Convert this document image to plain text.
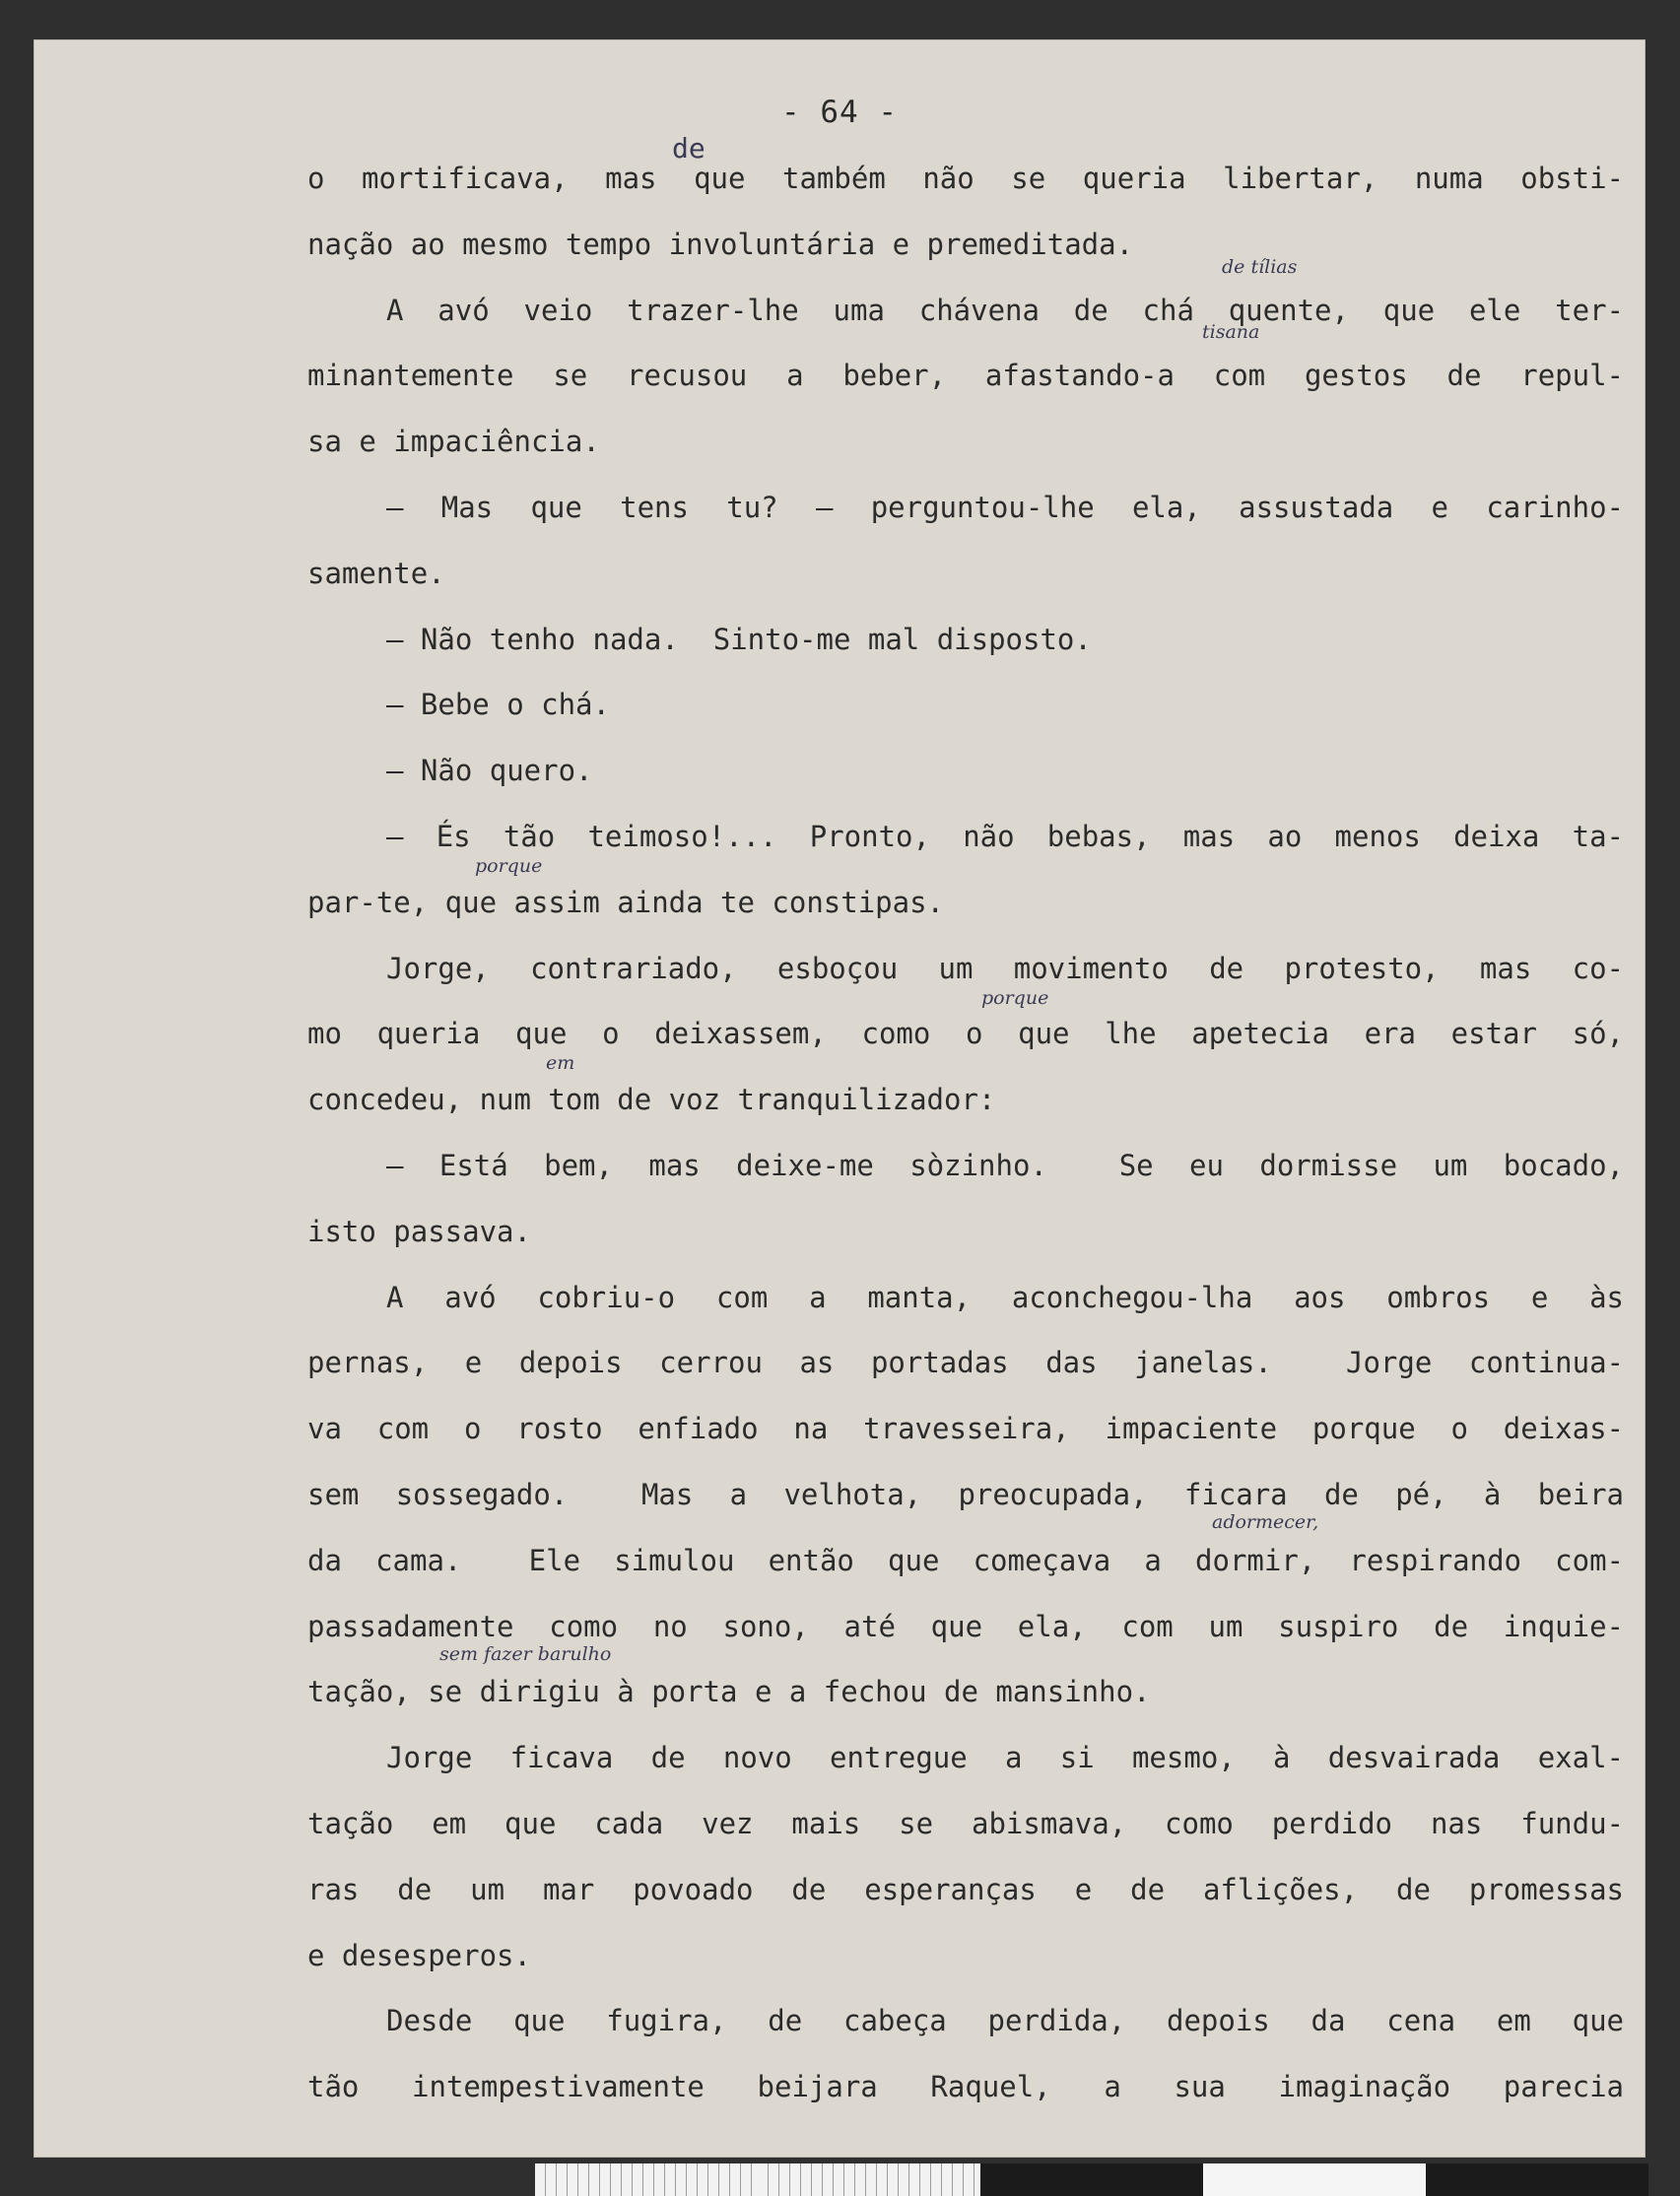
- 64 -
de
de tílias
tisana
porque
porque
em
adormecer,
sem fazer barulho
o mortificava, mas que também não se queria libertar, numa obsti-
nação ao mesmo tempo involuntária e premeditada.
A avó veio trazer-lhe uma chávena de chá quente, que ele ter-
minantemente se recusou a beber, afastando-a com gestos de repul-
sa e impaciência.
— Mas que tens tu? — perguntou-lhe ela, assustada e carinho-
samente.
— Não tenho nada.  Sinto-me mal disposto.
— Bebe o chá.
— Não quero.
— És tão teimoso!... Pronto, não bebas, mas ao menos deixa ta-
par-te, que assim ainda te constipas.
Jorge, contrariado, esboçou um movimento de protesto, mas co-
mo queria que o deixassem, como o que lhe apetecia era estar só,
concedeu, num tom de voz tranquilizador:
— Está bem, mas deixe-me sòzinho.  Se eu dormisse um bocado,
isto passava.
A avó cobriu-o com a manta, aconchegou-lha aos ombros e às
pernas, e depois cerrou as portadas das janelas.  Jorge continua-
va com o rosto enfiado na travesseira, impaciente porque o deixas-
sem sossegado.  Mas a velhota, preocupada, ficara de pé, à beira
da cama.  Ele simulou então que começava a dormir, respirando com-
passadamente como no sono, até que ela, com um suspiro de inquie-
tação, se dirigiu à porta e a fechou de mansinho.
Jorge ficava de novo entregue a si mesmo, à desvairada exal-
tação em que cada vez mais se abismava, como perdido nas fundu-
ras de um mar povoado de esperanças e de aflições, de promessas
e desesperos.
Desde que fugira, de cabeça perdida, depois da cena em que
tão intempestivamente beijara Raquel, a sua imaginação parecia
